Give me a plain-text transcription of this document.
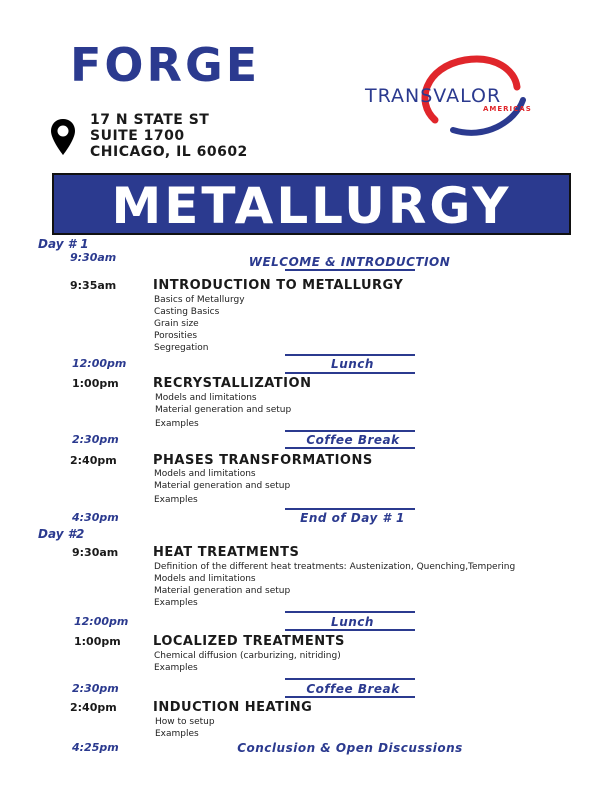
FORGE
17 N STATE ST
SUITE 1700
CHICAGO, IL 60602
TRANSVALOR
AMERICAS
METALLURGY
Day # 1
9:30am	WELCOME & INTRODUCTION
9:35am	INTRODUCTION TO METALLURGY
Basics of Metallurgy
Casting Basics
Grain size
Porosities
Segregation
12:00pm	Lunch
1:00pm	RECRYSTALLIZATION
Models and limitations
Material generation and setup
Examples
2:30pm	Coffee Break
2:40pm	PHASES TRANSFORMATIONS
Models and limitations
Material generation and setup
Examples
4:30pm	End of Day # 1
Day #2
9:30am	HEAT TREATMENTS
Definition of the different heat treatments: Austenization, Quenching,Tempering
Models and limitations
Material generation and setup
Examples
12:00pm	Lunch
1:00pm LOCALIZED TREATMENTS
Chemical diffusion (carburizing, nitriding)
Examples
2:30pm	Coffee Break
2:40pm	INDUCTION HEATING
How to setup
Examples
4:25pm	Conclusion & Open Discussions
